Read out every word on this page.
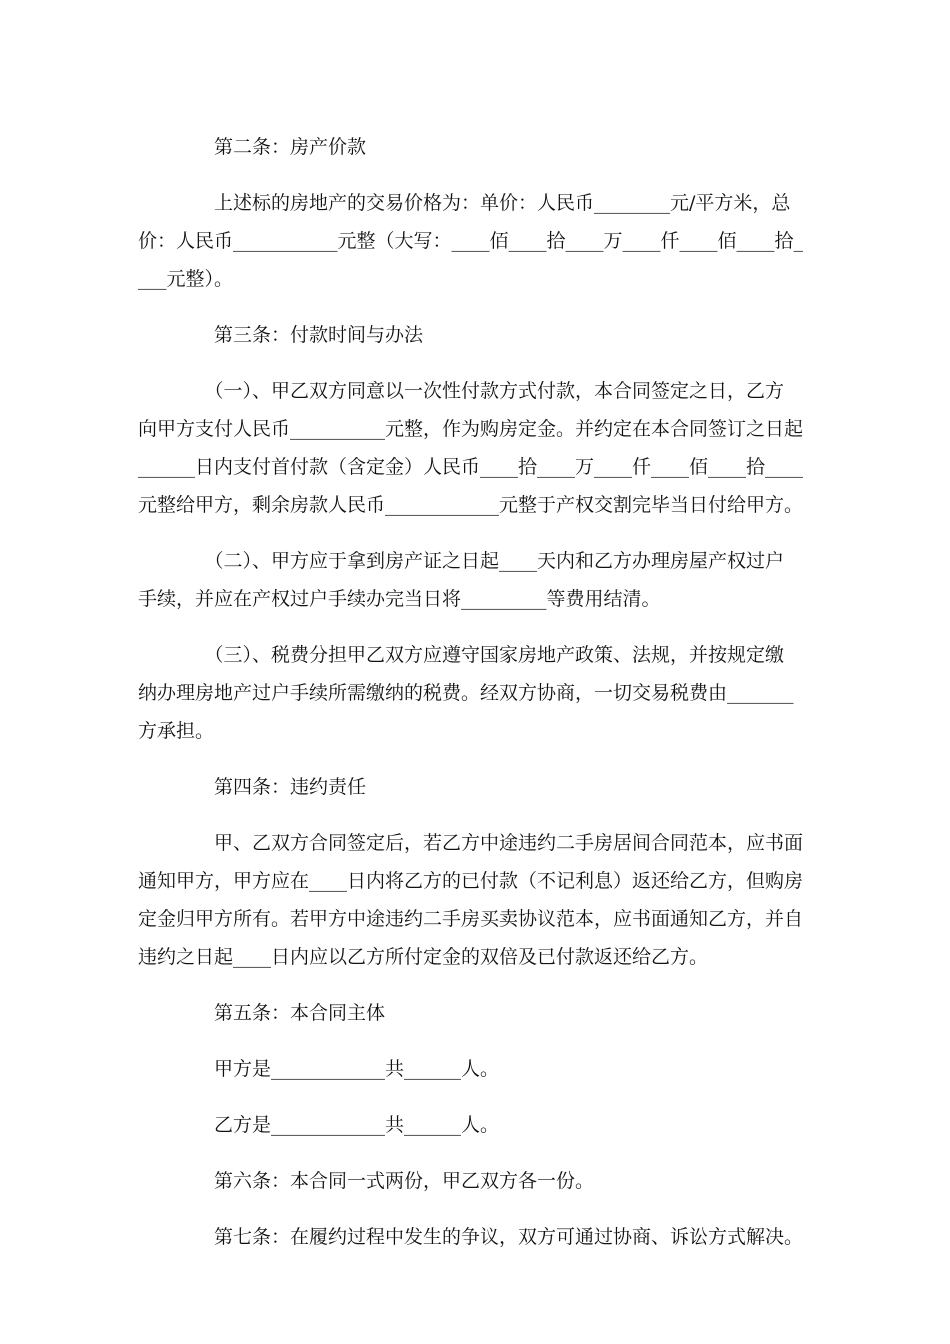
　　　　第二条：房产价款
　　　　上述标的房地产的交易价格为：单价：人民币________元/平方米，总
价：人民币___________元整（大写：____佰____拾____万____仟____佰____拾_
___元整）。
　　　　第三条：付款时间与办法
　　　　（一）、甲乙双方同意以一次性付款方式付款，本合同签定之日，乙方
向甲方支付人民币__________元整，作为购房定金。并约定在本合同签订之日起
______日内支付首付款（含定金）人民币____拾____万____仟____佰____拾____
元整给甲方，剩余房款人民币____________元整于产权交割完毕当日付给甲方。
　　　　（二）、甲方应于拿到房产证之日起____天内和乙方办理房屋产权过户
手续，并应在产权过户手续办完当日将_________等费用结清。
　　　　（三）、税费分担甲乙双方应遵守国家房地产政策、法规，并按规定缴
纳办理房地产过户手续所需缴纳的税费。经双方协商，一切交易税费由_______
方承担。
　　　　第四条：违约责任
　　　　甲、乙双方合同签定后，若乙方中途违约二手房居间合同范本，应书面
通知甲方，甲方应在____日内将乙方的已付款（不记利息）返还给乙方，但购房
定金归甲方所有。若甲方中途违约二手房买卖协议范本，应书面通知乙方，并自
违约之日起____日内应以乙方所付定金的双倍及已付款返还给乙方。
　　　　第五条：本合同主体
　　　　甲方是____________共______人。
　　　　乙方是____________共______人。
　　　　第六条：本合同一式两份，甲乙双方各一份。
　　　　第七条：在履约过程中发生的争议，双方可通过协商、诉讼方式解决。
